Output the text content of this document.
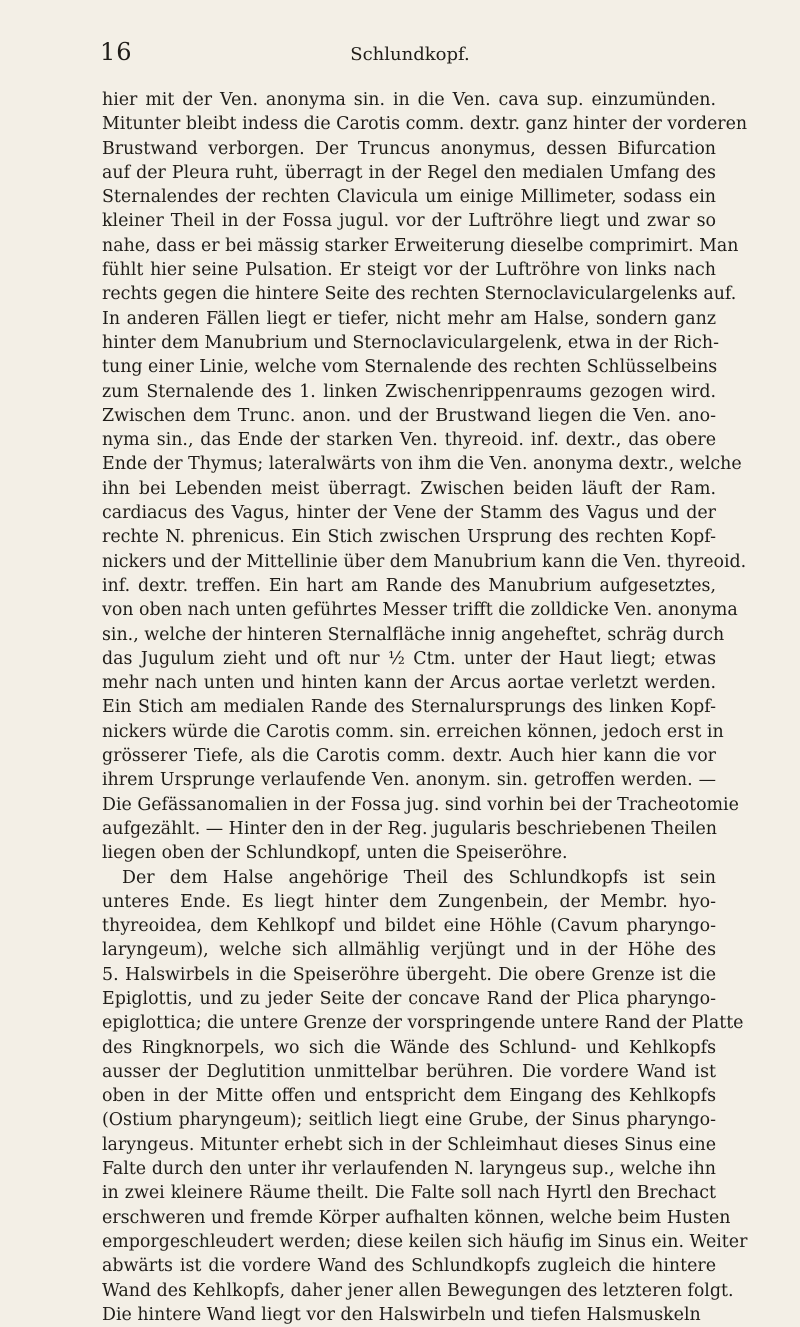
16	Schlundkopf.
hier mit der Ven. anonyma sin. in die Ven. cava sup. einzumünden.
Mitunter bleibt indess die Carotis comm. dextr. ganz hinter der vorderen
Brustwand verborgen. Der Truncus anonymus, dessen Bifurcation
auf der Pleura ruht, überragt in der Regel den medialen Umfang des
Sternalendes der rechten Clavicula um einige Millimeter, sodass ein
kleiner Theil in der Fossa jugul. vor der Luftröhre liegt und zwar so
nahe, dass er bei mässig starker Erweiterung dieselbe comprimirt. Man
fühlt hier seine Pulsation. Er steigt vor der Luftröhre von links nach
rechts gegen die hintere Seite des rechten Sternoclaviculargelenks auf.
In anderen Fällen liegt er tiefer, nicht mehr am Halse, sondern ganz
hinter dem Manubrium und Sternoclaviculargelenk, etwa in der Rich-
tung einer Linie, welche vom Sternalende des rechten Schlüsselbeins
zum Sternalende des 1. linken Zwischenrippenraums gezogen wird.
Zwischen dem Trunc. anon. und der Brustwand liegen die Ven. ano-
nyma sin., das Ende der starken Ven. thyreoid. inf. dextr., das obere
Ende der Thymus; lateralwärts von ihm die Ven. anonyma dextr., welche
ihn bei Lebenden meist überragt. Zwischen beiden läuft der Ram.
cardiacus des Vagus, hinter der Vene der Stamm des Vagus und der
rechte N. phrenicus. Ein Stich zwischen Ursprung des rechten Kopf-
nickers und der Mittellinie über dem Manubrium kann die Ven. thyreoid.
inf. dextr. treffen. Ein hart am Rande des Manubrium aufgesetztes,
von oben nach unten geführtes Messer trifft die zolldicke Ven. anonyma
sin., welche der hinteren Sternalfläche innig angeheftet, schräg durch
das Jugulum zieht und oft nur ½ Ctm. unter der Haut liegt; etwas
mehr nach unten und hinten kann der Arcus aortae verletzt werden.
Ein Stich am medialen Rande des Sternalursprungs des linken Kopf-
nickers würde die Carotis comm. sin. erreichen können, jedoch erst in
grösserer Tiefe, als die Carotis comm. dextr. Auch hier kann die vor
ihrem Ursprunge verlaufende Ven. anonym. sin. getroffen werden. —
Die Gefässanomalien in der Fossa jug. sind vorhin bei der Tracheotomie
aufgezählt. — Hinter den in der Reg. jugularis beschriebenen Theilen
liegen oben der Schlundkopf, unten die Speiseröhre.
Der dem Halse angehörige Theil des Schlundkopfs ist sein
unteres Ende. Es liegt hinter dem Zungenbein, der Membr. hyo-
thyreoidea, dem Kehlkopf und bildet eine Höhle (Cavum pharyngo-
laryngeum), welche sich allmählig verjüngt und in der Höhe des
5. Halswirbels in die Speiseröhre übergeht. Die obere Grenze ist die
Epiglottis, und zu jeder Seite der concave Rand der Plica pharyngo-
epiglottica; die untere Grenze der vorspringende untere Rand der Platte
des Ringknorpels, wo sich die Wände des Schlund- und Kehlkopfs
ausser der Deglutition unmittelbar berühren. Die vordere Wand ist
oben in der Mitte offen und entspricht dem Eingang des Kehlkopfs
(Ostium pharyngeum); seitlich liegt eine Grube, der Sinus pharyngo-
laryngeus. Mitunter erhebt sich in der Schleimhaut dieses Sinus eine
Falte durch den unter ihr verlaufenden N. laryngeus sup., welche ihn
in zwei kleinere Räume theilt. Die Falte soll nach Hyrtl den Brechact
erschweren und fremde Körper aufhalten können, welche beim Husten
emporgeschleudert werden; diese keilen sich häufig im Sinus ein. Weiter
abwärts ist die vordere Wand des Schlundkopfs zugleich die hintere
Wand des Kehlkopfs, daher jener allen Bewegungen des letzteren folgt.
Die hintere Wand liegt vor den Halswirbeln und tiefen Halsmuskeln
